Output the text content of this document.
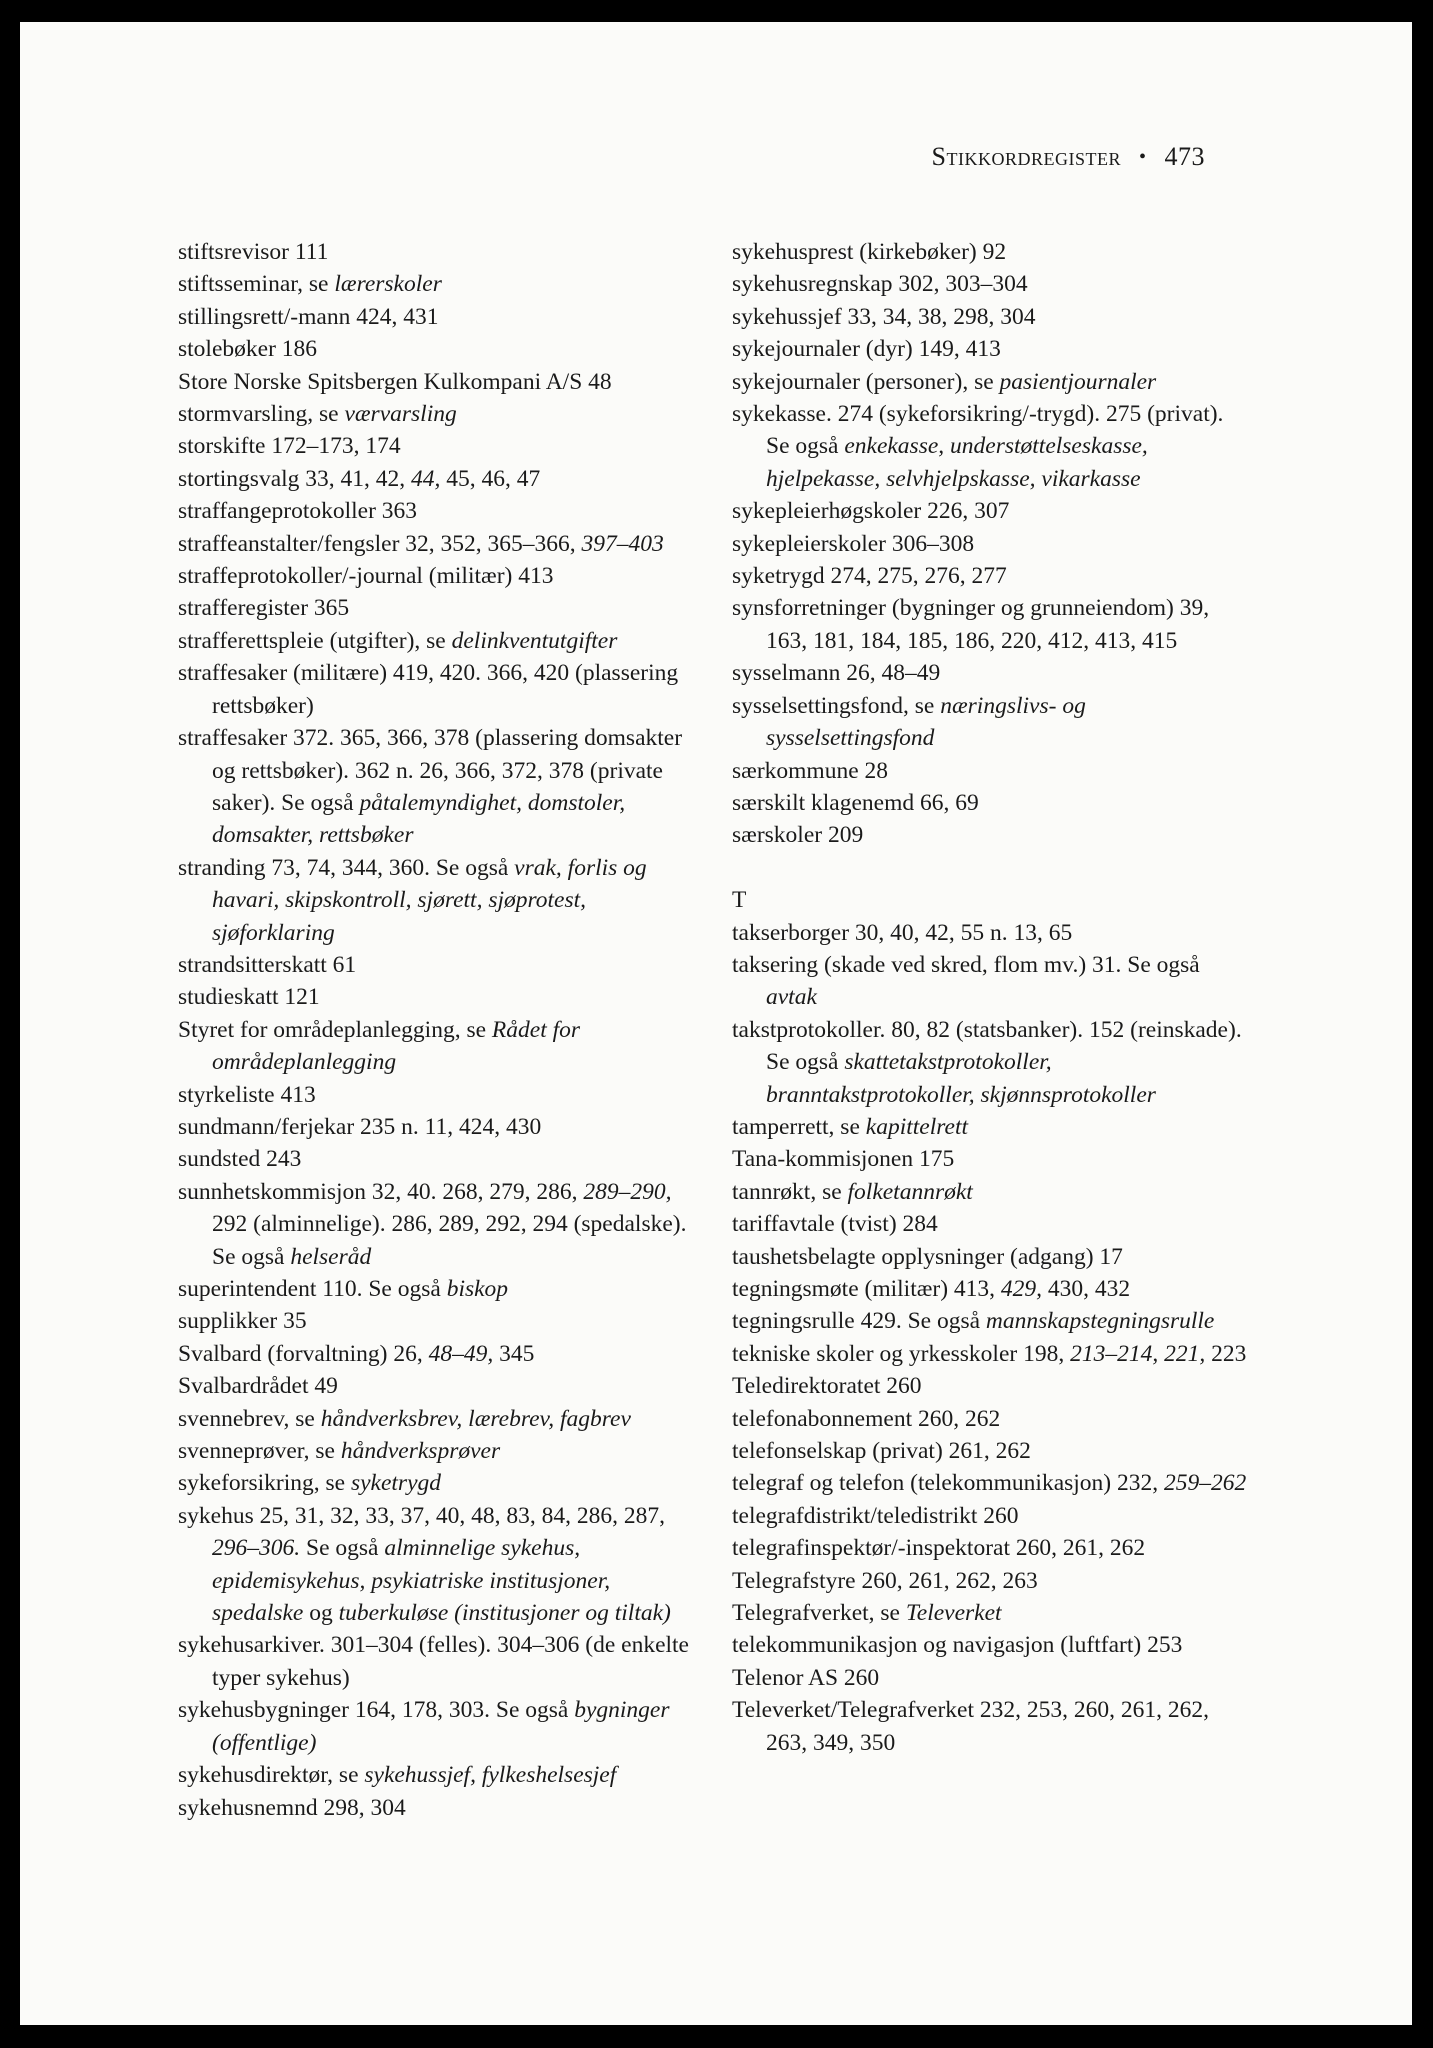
Stikkordregister • 473
stiftsrevisor 111
stiftsseminar, se lærerskoler
stillingsrett/-mann 424, 431
stolebøker 186
Store Norske Spitsbergen Kulkompani A/S 48
stormvarsling, se værvarsling
storskifte 172–173, 174
stortingsvalg 33, 41, 42, 44, 45, 46, 47
straffangeprotokoller 363
straffeanstalter/fengsler 32, 352, 365–366, 397–403
straffeprotokoller/-journal (militær) 413
strafferegister 365
strafferettspleie (utgifter), se delinkventutgifter
straffesaker (militære) 419, 420. 366, 420 (plassering rettsbøker)
straffesaker 372. 365, 366, 378 (plassering domsakter og rettsbøker). 362 n. 26, 366, 372, 378 (private saker). Se også påtalemyndighet, domstoler, domsakter, rettsbøker
stranding 73, 74, 344, 360. Se også vrak, forlis og havari, skipskontroll, sjørett, sjøprotest, sjøforklaring
strandsitterskatt 61
studieskatt 121
Styret for områdeplanlegging, se Rådet for områdeplanlegging
styrkeliste 413
sundmann/ferjekar 235 n. 11, 424, 430
sundsted 243
sunnhetskommisjon 32, 40. 268, 279, 286, 289–290, 292 (alminnelige). 286, 289, 292, 294 (spedalske). Se også helseråd
superintendent 110. Se også biskop
supplikker 35
Svalbard (forvaltning) 26, 48–49, 345
Svalbardrådet 49
svennebrev, se håndverksbrev, lærebrev, fagbrev
svenneprøver, se håndverksprøver
sykeforsikring, se syketrygd
sykehus 25, 31, 32, 33, 37, 40, 48, 83, 84, 286, 287, 296–306. Se også alminnelige sykehus, epidemisykehus, psykiatriske institusjoner, spedalske og tuberkuløse (institusjoner og tiltak)
sykehusarkiver. 301–304 (felles). 304–306 (de enkelte typer sykehus)
sykehusbygninger 164, 178, 303. Se også bygninger (offentlige)
sykehusdirektør, se sykehussjef, fylkeshelsesjef
sykehusnemnd 298, 304
sykehusprest (kirkebøker) 92
sykehusregnskap 302, 303–304
sykehussjef 33, 34, 38, 298, 304
sykejournaler (dyr) 149, 413
sykejournaler (personer), se pasientjournaler
sykekasse. 274 (sykeforsikring/-trygd). 275 (privat). Se også enkekasse, understøttelseskasse, hjelpekasse, selvhjelpskasse, vikarkasse
sykepleierhøgskoler 226, 307
sykepleierskoler 306–308
syketrygd 274, 275, 276, 277
synsforretninger (bygninger og grunneiendom) 39, 163, 181, 184, 185, 186, 220, 412, 413, 415
sysselmann 26, 48–49
sysselsettingsfond, se næringslivs- og sysselsettingsfond
særkommune 28
særskilt klagenemd 66, 69
særskoler 209
T
takserborger 30, 40, 42, 55 n. 13, 65
taksering (skade ved skred, flom mv.) 31. Se også avtak
takstprotokoller. 80, 82 (statsbanker). 152 (reinskade). Se også skattetakstprotokoller, branntakstprotokoller, skjønnsprotokoller
tamperrett, se kapittelrett
Tana-kommisjonen 175
tannrøkt, se folketannrøkt
tariffavtale (tvist) 284
taushetsbelagte opplysninger (adgang) 17
tegningsmøte (militær) 413, 429, 430, 432
tegningsrulle 429. Se også mannskapstegningsrulle
tekniske skoler og yrkesskoler 198, 213–214, 221, 223
Teledirektoratet 260
telefonabonnement 260, 262
telefonselskap (privat) 261, 262
telegraf og telefon (telekommunikasjon) 232, 259–262
telegrafdistrikt/teledistrikt 260
telegrafinspektør/-inspektorat 260, 261, 262
Telegrafstyre 260, 261, 262, 263
Telegrafverket, se Televerket
telekommunikasjon og navigasjon (luftfart) 253
Telenor AS 260
Televerket/Telegrafverket 232, 253, 260, 261, 262, 263, 349, 350
